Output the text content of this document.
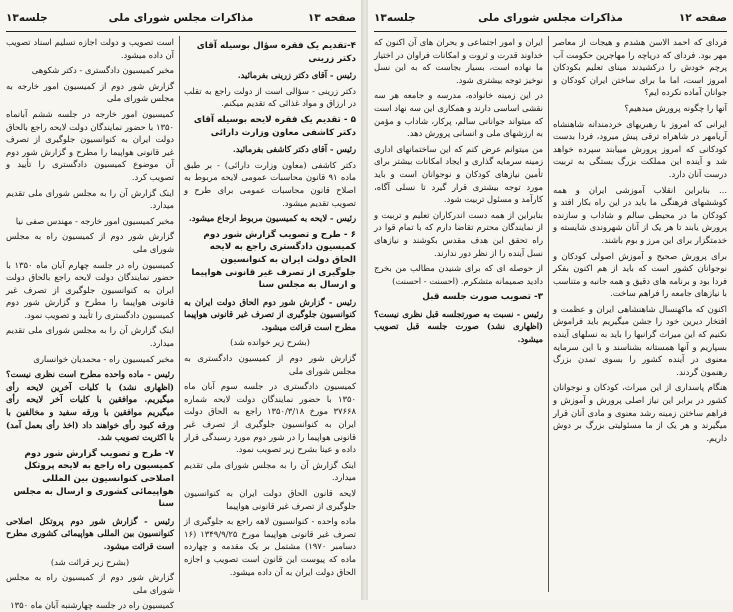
صفحه ۱۳
مذاکرات مجلس شورای ملی
جلسه۱۳

۴-تقدیم یک فقره سؤال بوسیله آقای دکتر زرینی

رئیس - آقای دکتر زرینی بفرمائید.

دکتر زرینی - سؤالی است از دولت راجع به تقلب در ارزاق و مواد غذائی که تقدیم میکنم.

۵ - تقدیم یک فقره لایحه بوسیله آقای دکتر کاشفی معاون وزارت دارائی

رئیس - آقای دکتر کاشفی بفرمائید.

دکتر کاشفی (معاون وزارت دارائی) - بر طبق ماده ۹۱ قانون محاسبات عمومی لایحه مربوط به اصلاح قانون محاسبات عمومی برای طرح و تصویب تقدیم میشود.

رئیس - لایحه به کمیسیون مربوط ارجاع میشود.

۶ - طرح و تصویب گزارش شور دوم کمیسیون دادگستری راجع به لایحه الحاق دولت ایران به کنوانسیون جلوگیری از تصرف غیر قانونی هواپیما و ارسال به مجلس سنا

رئیس - گزارش شور دوم الحاق دولت ایران به کنوانسیون جلوگیری از تصرف غیر قانونی هواپیما مطرح است قرائت میشود.

(بشرح زیر خوانده شد)

گزارش شور دوم از کمیسیون دادگستری به مجلس شورای ملی

کمیسیون دادگستری در جلسه سوم آبان ماه ۱۳۵۰ با حضور نمایندگان دولت لایحه شماره ۳۷۶۶۸ مورخ ۱۳۵۰/۳/۱۸ راجع به الحاق دولت ایران به کنوانسیون جلوگیری از تصرف غیر قانونی هواپیما را در شور دوم مورد رسیدگی قرار داده و عینا بشرح زیر تصویب نمود.

اینک گزارش آن را به مجلس شورای ملی تقدیم میدارد.

لایحه قانون الحاق دولت ایران به کنوانسیون جلوگیری از تصرف غیر قانونی هواپیما

ماده واحده - کنوانسیون لاهه راجع به جلوگیری از تصرف غیر قانونی هواپیما مورخ ۱۳۴۹/۹/۲۵ (۱۶ دسامبر ۱۹۷۰) مشتمل بر یک مقدمه و چهارده ماده که پیوست این قانون است تصویب و اجازه الحاق دولت ایران به آن داده میشود.

است تصویب و دولت اجازه تسلیم اسناد تصویب آن داده میشود.

مخبر کمیسیون دادگستری - دکتر شکوهی

گزارش شور دوم از کمیسیون امور خارجه به مجلس شورای ملی

کمیسیون امور خارجه در جلسه ششم آبانماه ۱۳۵۰ با حضور نمایندگان دولت لایحه راجع بالحاق دولت ایران به کنوانسیون جلوگیری از تصرف غیر قانونی هواپیما را مطرح و گزارش شور دوم آن موضوع کمیسیون دادگستری را تأیید و تصویب کرد.

اینک گزارش آن را به مجلس شورای ملی تقدیم میدارد.

مخبر کمیسیون امور خارجه - مهندس صفی نیا

گزارش شور دوم از کمیسیون راه به مجلس شورای ملی

کمیسیون راه در جلسه چهارم آبان ماه ۱۳۵۰ با حضور نمایندگان دولت لایحه راجع بالحاق دولت ایران به کنوانسیون جلوگیری از تصرف غیر قانونی هواپیما را مطرح و گزارش شور دوم کمیسیون دادگستری را تأیید و تصویب نمود.

اینک گزارش آن را به مجلس شورای ملی تقدیم میدارد.

مخبر کمیسیون راه - محمدیان خوانساری

رئیس - ماده واحده مطرح است نظری نیست؟ (اظهاری نشد) با کلیات آخرین لایحه رأی میگیریم. موافقین با کلیات آخر لایحه رأی میگیریم موافقین با ورقه سفید و مخالفین با ورقه کبود رأی خواهند داد (اخذ رأی بعمل آمد) با اکثریت تصویب شد.

۷- طرح و تصویب گزارش شور دوم کمیسیون راه راجع به لایحه پروتکل اصلاحی کنوانسیون بین المللی هواپیمائی کشوری و ارسال به مجلس سنا

رئیس - گزارش شور دوم پروتکل اصلاحی کنوانسیون بین المللی هواپیمائی کشوری مطرح است قرائت میشود.

(بشرح زیر قرائت شد)

گزارش شور دوم از کمیسیون راه به مجلس شورای ملی

کمیسیون راه در جلسه چهارشنبه آبان ماه ۱۳۵۰

صفحه ۱۲
مذاکرات مجلس شورای ملی
جلسه۱۳

فردای که احمد الاسن هشدم و هیجات از معاصر مهر بود. فردای که دریاچه را مهاجرین حکومت آب پرچم خودش را درکشیدند مینای تعلیم بکودکان امروز است، اما ما برای ساختن ایران کودکان و جوانان آماده نکرده ایم؟

آنها را چگونه پرورش میدهیم؟

ایرانی که امروز با رهبریهای خردمندانه شاهنشاه آریامهر در شاهراه ترقی پیش میرود، فردا بدست کودکانی که امروز پرورش مییابند سپرده خواهد شد و آینده این مملکت بزرگ بستگی به تربیت درست آنان دارد.

... بنابراین انقلاب آموزشی ایران و همه کوششهای فرهنگی ما باید در این راه بکار افتد و کودکان ما در محیطی سالم و شاداب و سازنده پرورش یابند تا هر یک از آنان شهروندی شایسته و خدمتگزار برای این مرز و بوم باشند.

برای پرورش صحیح و آموزش اصولی کودکان و نوجوانان کشور است که باید از هم اکنون بفکر فردا بود و برنامه های دقیق و همه جانبه و متناسب با نیازهای جامعه را فراهم ساخت.

اکنون که ماکهنسال شاهنشاهی ایران و عظمت و افتخار دیرین خود را جشن میگیریم باید فراموش نکنیم که این میراث گرانبها را باید به نسلهای آینده بسپاریم و آنها همستانه بشناسند و با این سرمایه معنوی در آینده کشور را بسوی تمدن بزرگ رهنمون گردند.

هنگام پاسداری از این میراث، کودکان و نوجوانان کشور در برابر این نیاز اصلی پرورش و آموزش و فراهم ساختن زمینه رشد معنوی و مادی آنان قرار میگیرند و هر یک از ما مسئولیتی بزرگ بر دوش داریم.

ایران و امور اجتماعی و بحران های آن اکنون که خداوند قدرت و ثروت و امکانات فراوان در اختیار ما نهاده است، بسیار بجاست که به این نسل نوخیز توجه بیشتری شود.

در این زمینه خانواده، مدرسه و جامعه هر سه نقشی اساسی دارند و همکاری این سه نهاد است که میتواند جوانانی سالم، پرکار، شاداب و مؤمن به ارزشهای ملی و انسانی پرورش دهد.

من میتوانم عرض کنم که این ساختمانهای اداری زمینه سرمایه گذاری و ایجاد امکانات بیشتر برای تأمین نیازهای کودکان و نوجوانان است و باید مورد توجه بیشتری قرار گیرد تا نسلی آگاه، کارآمد و مسئول تربیت شود.

بنابراین از همه دست اندرکاران تعلیم و تربیت و از نمایندگان محترم تقاضا دارم که با تمام قوا در راه تحقق این هدف مقدس بکوشند و نیازهای نسل آینده را از نظر دور ندارند.

از حوصله ای که برای شنیدن مطالب من بخرج دادید صمیمانه متشکرم. (احسنت - احسنت)

۳- تصویب صورت جلسه قبل

رئیس - نسبت به صورتجلسه قبل نظری نیست؟ (اظهاری نشد) صورت جلسه قبل تصویب میشود.
